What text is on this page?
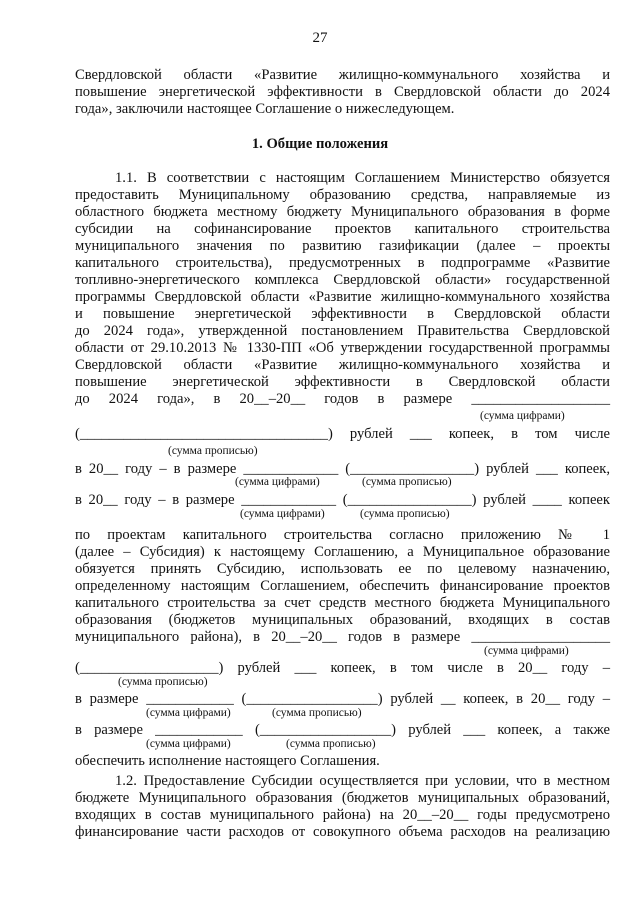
27
Свердловской области «Развитие жилищно-коммунального хозяйства и
повышение энергетической эффективности в Свердловской области до 2024
года», заключили настоящее Соглашение о нижеследующем.
1. Общие положения
1.1. В соответствии с настоящим Соглашением Министерство обязуется
предоставить Муниципальному образованию средства, направляемые из
областного бюджета местному бюджету Муниципального образования в форме
субсидии на софинансирование проектов капитального строительства
муниципального значения по развитию газификации (далее – проекты
капитального строительства), предусмотренных в подпрограмме «Развитие
топливно-энергетического комплекса Свердловской области» государственной
программы Свердловской области «Развитие жилищно-коммунального хозяйства
и повышение энергетической эффективности в Свердловской области
до 2024 года», утвержденной постановлением Правительства Свердловской
области от 29.10.2013 № 1330-ПП «Об утверждении государственной программы
Свердловской области «Развитие жилищно-коммунального хозяйства и
повышение энергетической эффективности в Свердловской области
до 2024 года», в 20__–20__ годов в размере ___________________
(сумма цифрами)
(__________________________________) рублей ___ копеек, в том числе
(сумма прописью)
в 20__ году – в размере _____________ (_________________) рублей ___ копеек,
(сумма цифрами)	(сумма прописью)
в 20__ году – в размере _____________ (_________________) рублей ____ копеек
(сумма цифрами)	(сумма прописью)
по проектам капитального строительства согласно приложению № 1
(далее – Субсидия) к настоящему Соглашению, а Муниципальное образование
обязуется принять Субсидию, использовать ее по целевому назначению,
определенному настоящим Соглашением, обеспечить финансирование проектов
капитального строительства за счет средств местного бюджета Муниципального
образования (бюджетов муниципальных образований, входящих в состав
муниципального района), в 20__–20__ годов в размере ___________________
(сумма цифрами)
(___________________) рублей ___ копеек, в том числе в 20__ году –
(сумма прописью)
в размере ____________ (__________________) рублей __ копеек, в 20__ году –
(сумма цифрами)	(сумма прописью)
в размере ____________ (__________________) рублей ___ копеек, а также
(сумма цифрами)	(сумма прописью)
обеспечить исполнение настоящего Соглашения.
1.2. Предоставление Субсидии осуществляется при условии, что в местном
бюджете Муниципального образования (бюджетов муниципальных образований,
входящих в состав муниципального района) на 20__–20__ годы предусмотрено
финансирование части расходов от совокупного объема расходов на реализацию
